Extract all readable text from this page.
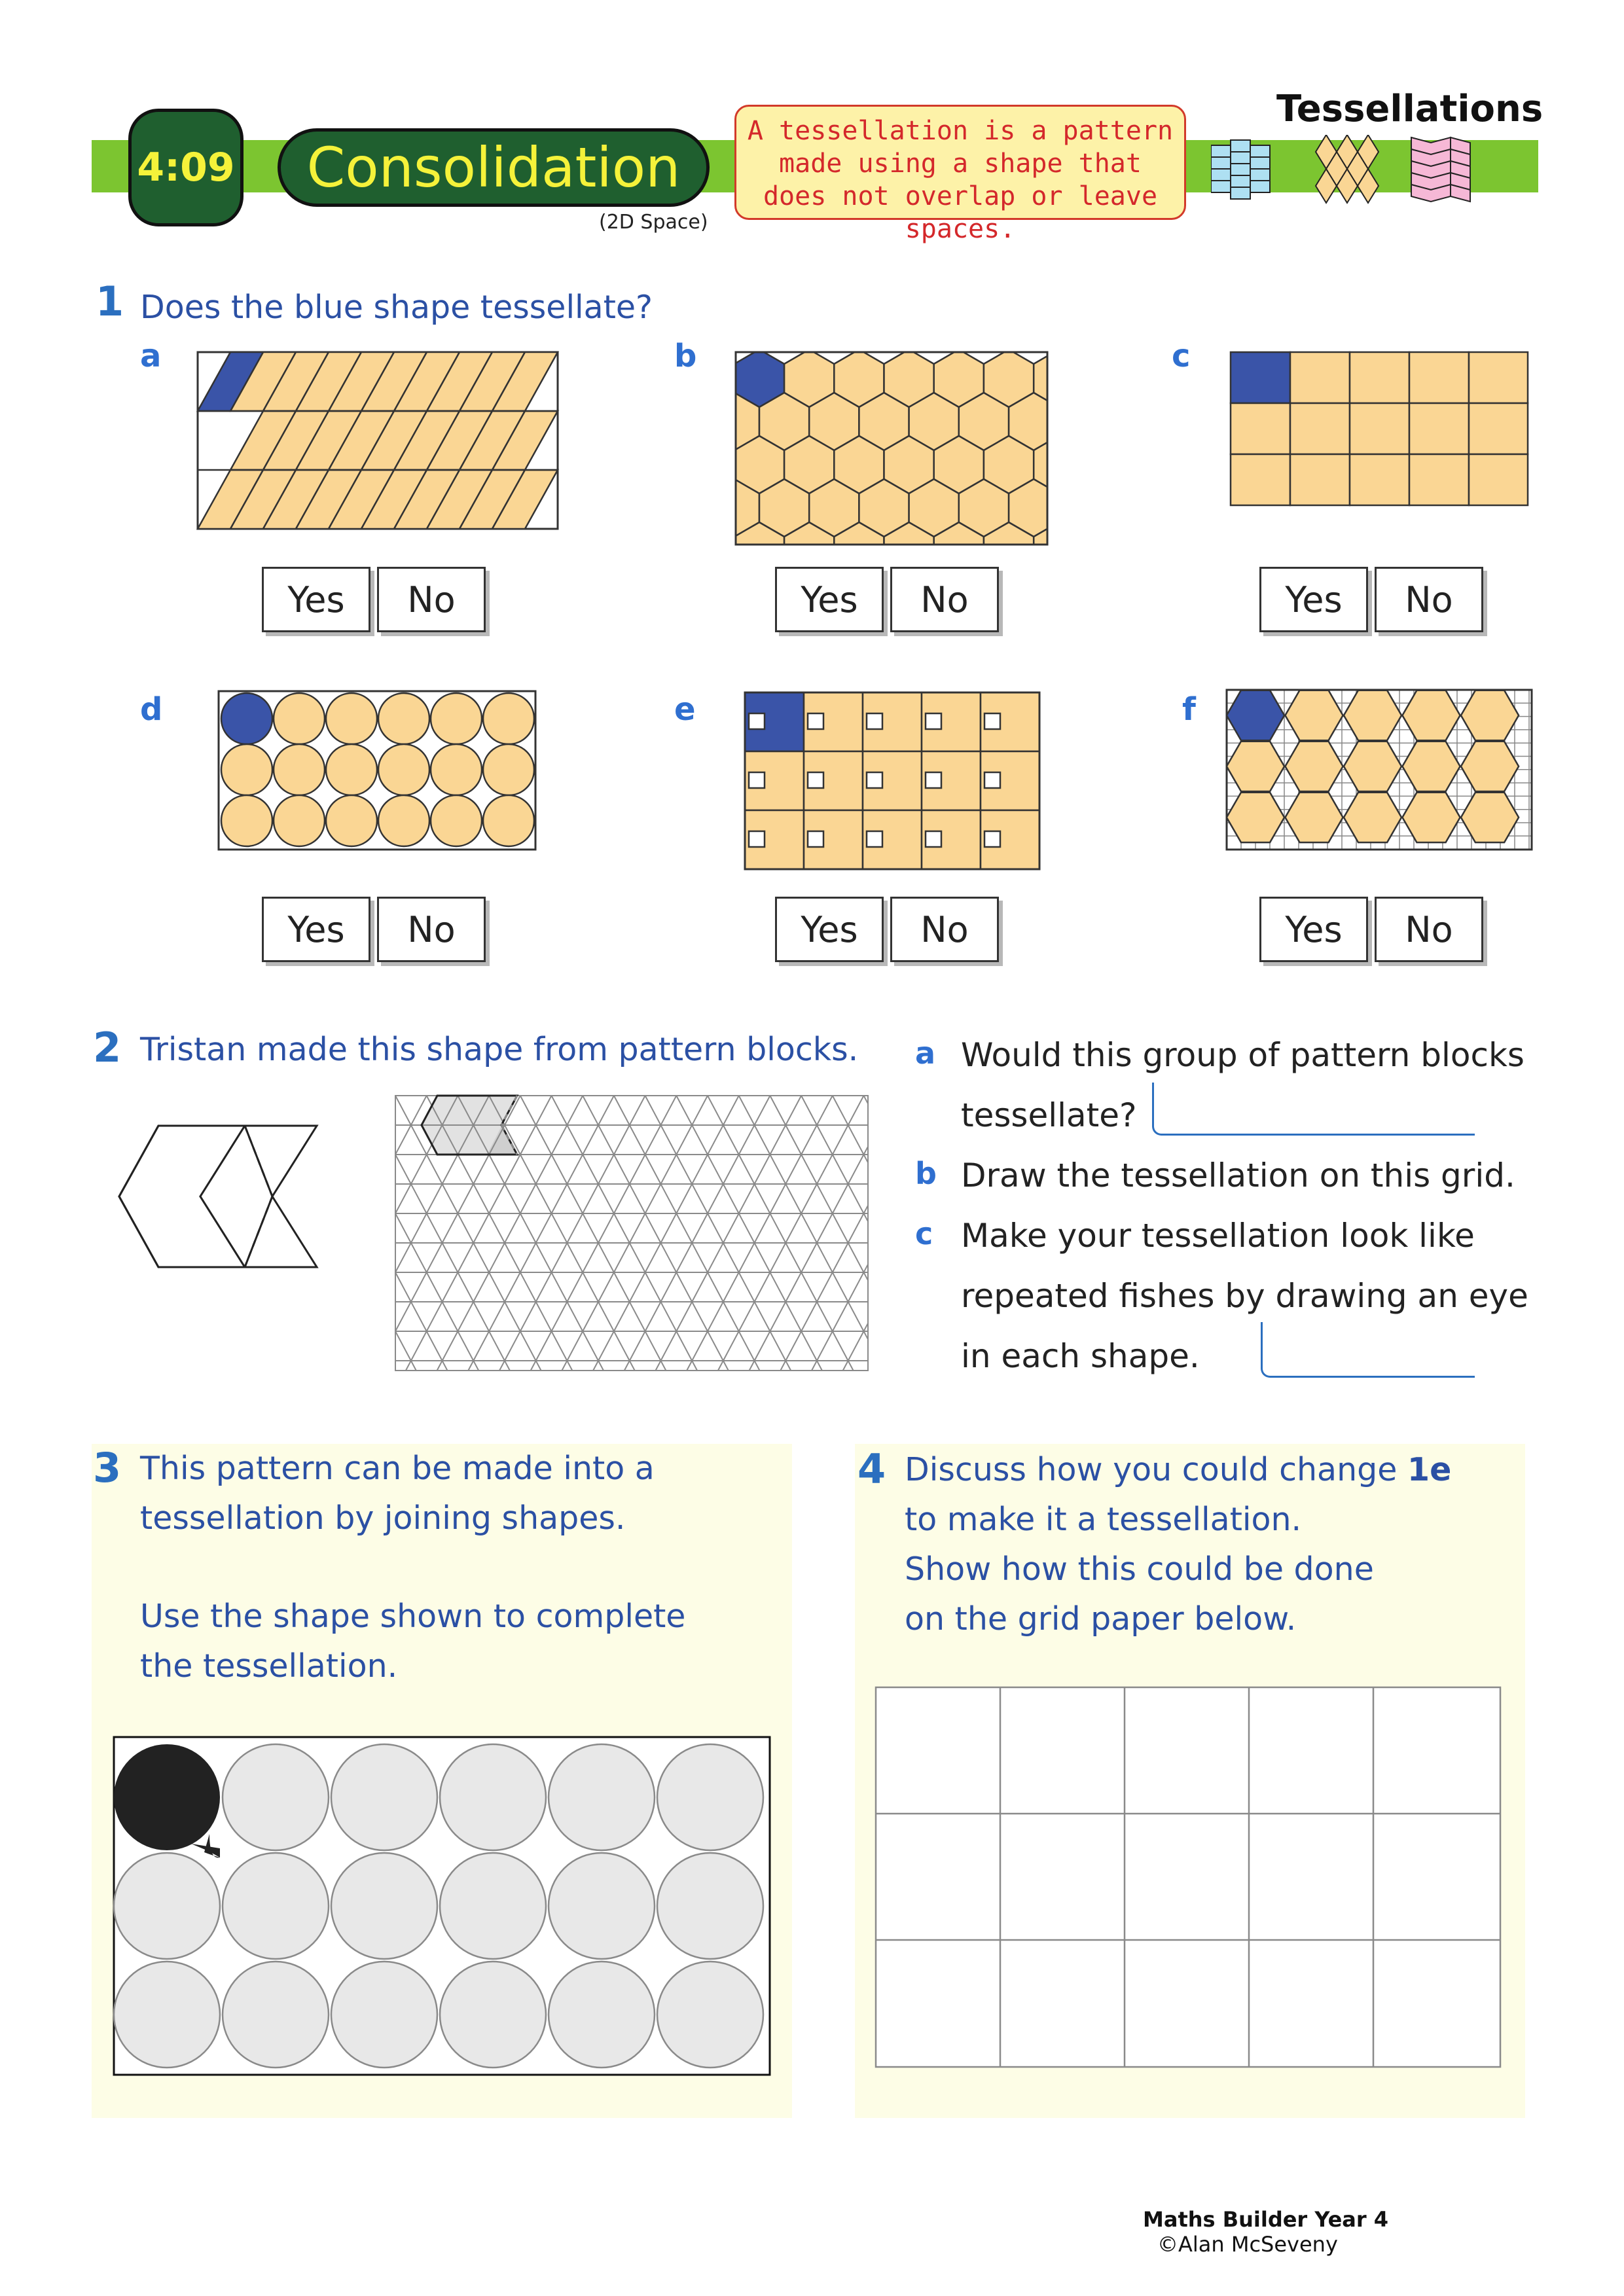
4:09 Consolidation
(2D Space)
A tessellation is a pattern
made using a shape that
does not overlap or leave spaces.
Tessellations
1 Does the blue shape tessellate?
a	b	c
d	e	f
Yes	No	Yes	No	Yes	No
Yes	No	Yes	No	Yes	No
2 Tristan made this shape from pattern blocks. a Would this group of pattern blocks
tessellate?
b Draw the tessellation on this grid.
c Make your tessellation look like
repeated fishes by drawing an eye
in each shape.
3 This pattern can be made into a
tessellation by joining shapes.
Use the shape shown to complete
the tessellation.
4 Discuss how you could change 1e
to make it a tessellation.
Show how this could be done
on the grid paper below.
Maths Builder Year 4
©Alan McSeveny
